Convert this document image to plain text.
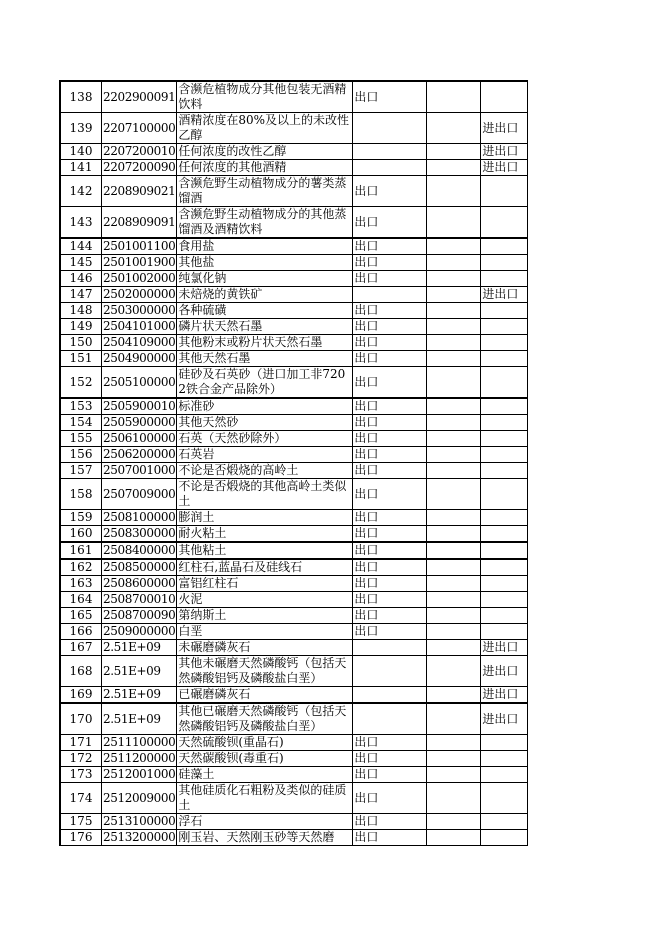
138	2202900091	含濒危植物成分其他包装无酒精饮料	出口		
139	2207100000	酒精浓度在80%及以上的未改性乙醇			进出口
140	2207200010	任何浓度的改性乙醇			进出口
141	2207200090	任何浓度的其他酒精			进出口
142	2208909021	含濒危野生动植物成分的薯类蒸馏酒	出口		
143	2208909091	含濒危野生动植物成分的其他蒸馏酒及酒精饮料	出口		
144	2501001100	食用盐	出口		
145	2501001900	其他盐	出口		
146	2501002000	纯氯化钠	出口		
147	2502000000	未焙烧的黄铁矿			进出口
148	2503000000	各种硫磺	出口		
149	2504101000	磷片状天然石墨	出口		
150	2504109000	其他粉末或粉片状天然石墨	出口		
151	2504900000	其他天然石墨	出口		
152	2505100000	硅砂及石英砂（进口加工非7202铁合金产品除外）	出口		
153	2505900010	标准砂	出口		
154	2505900000	其他天然砂	出口		
155	2506100000	石英（天然砂除外）	出口		
156	2506200000	石英岩	出口		
157	2507001000	不论是否煅烧的高岭土	出口		
158	2507009000	不论是否煅烧的其他高岭土类似土	出口		
159	2508100000	膨润土	出口		
160	2508300000	耐火粘土	出口		
161	2508400000	其他粘土	出口		
162	2508500000	红柱石,蓝晶石及硅线石	出口		
163	2508600000	富铝红柱石	出口		
164	2508700010	火泥	出口		
165	2508700090	第纳斯土	出口		
166	2509000000	白垩	出口		
167	2.51E+09	未碾磨磷灰石			进出口
168	2.51E+09	其他未碾磨天然磷酸钙（包括天然磷酸铝钙及磷酸盐白垩）			进出口
169	2.51E+09	已碾磨磷灰石			进出口
170	2.51E+09	其他已碾磨天然磷酸钙（包括天然磷酸铝钙及磷酸盐白垩）			进出口
171	2511100000	天然硫酸钡(重晶石)	出口		
172	2511200000	天然碳酸钡(毒重石)	出口		
173	2512001000	硅藻土	出口		
174	2512009000	其他硅质化石粗粉及类似的硅质土	出口		
175	2513100000	浮石	出口		
176	2513200000	刚玉岩、天然刚玉砂等天然磨	出口		
